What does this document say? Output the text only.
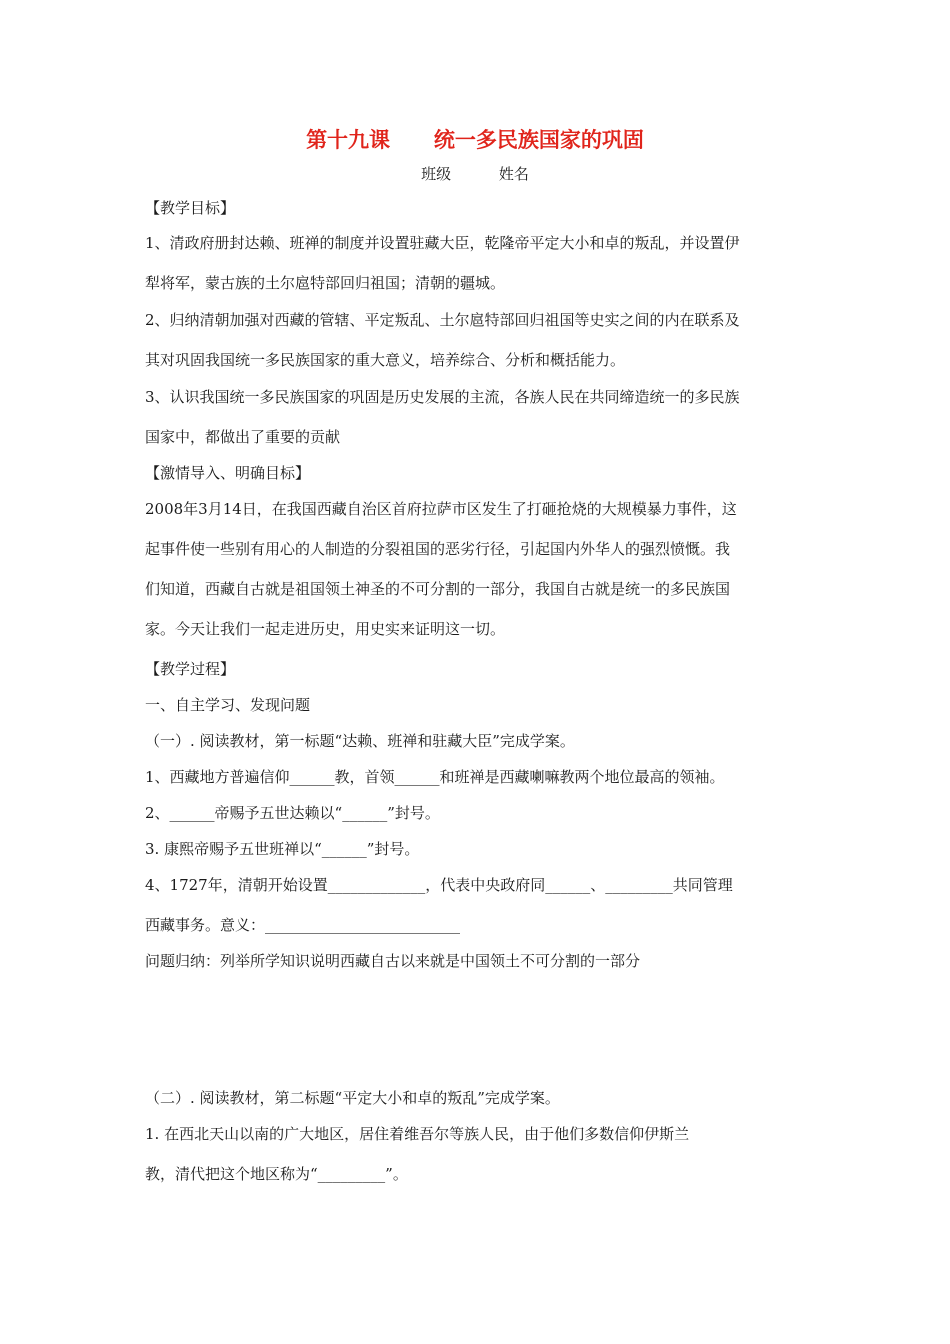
第十九课      统一多民族国家的巩固
班级          姓名
【教学目标】
1、清政府册封达赖、班禅的制度并设置驻藏大臣，乾隆帝平定大小和卓的叛乱，并设置伊
犁将军，蒙古族的土尔扈特部回归祖国；清朝的疆城。
2、归纳清朝加强对西藏的管辖、平定叛乱、土尔扈特部回归祖国等史实之间的内在联系及
其对巩固我国统一多民族国家的重大意义，培养综合、分析和概括能力。
3、认识我国统一多民族国家的巩固是历史发展的主流，各族人民在共同缔造统一的多民族
国家中，都做出了重要的贡献
【激情导入、明确目标】
2008年3月14日，在我国西藏自治区首府拉萨市区发生了打砸抢烧的大规模暴力事件，这
起事件使一些别有用心的人制造的分裂祖国的恶劣行径，引起国内外华人的强烈愤慨。我
们知道，西藏自古就是祖国领土神圣的不可分割的一部分，我国自古就是统一的多民族国
家。今天让我们一起走进历史，用史实来证明这一切。
【教学过程】
一、自主学习、发现问题
（一）. 阅读教材，第一标题“达赖、班禅和驻藏大臣”完成学案。
1、西藏地方普遍信仰______教，首领______和班禅是西藏喇嘛教两个地位最高的领袖。
2、______帝赐予五世达赖以“______”封号。
3. 康熙帝赐予五世班禅以“______”封号。
4、1727年，清朝开始设置_____________，代表中央政府同______、_________共同管理
西藏事务。意义：__________________________
问题归纳：列举所学知识说明西藏自古以来就是中国领土不可分割的一部分
（二）. 阅读教材，第二标题“平定大小和卓的叛乱”完成学案。
1. 在西北天山以南的广大地区，居住着维吾尔等族人民，由于他们多数信仰伊斯兰
教，清代把这个地区称为“_________”。
